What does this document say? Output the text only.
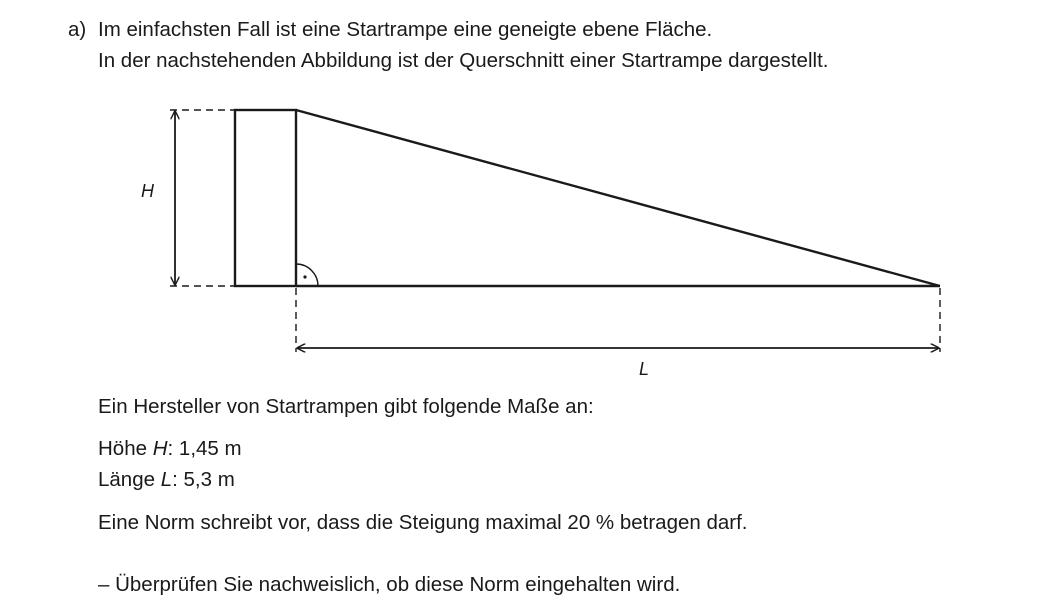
a) Im einfachsten Fall ist eine Startrampe eine geneigte ebene Fläche.
In der nachstehenden Abbildung ist der Querschnitt einer Startrampe dargestellt.
H
L
Ein Hersteller von Startrampen gibt folgende Maße an:
Höhe H: 1,45 m
Länge L: 5,3 m
Eine Norm schreibt vor, dass die Steigung maximal 20 % betragen darf.
– Überprüfen Sie nachweislich, ob diese Norm eingehalten wird.
